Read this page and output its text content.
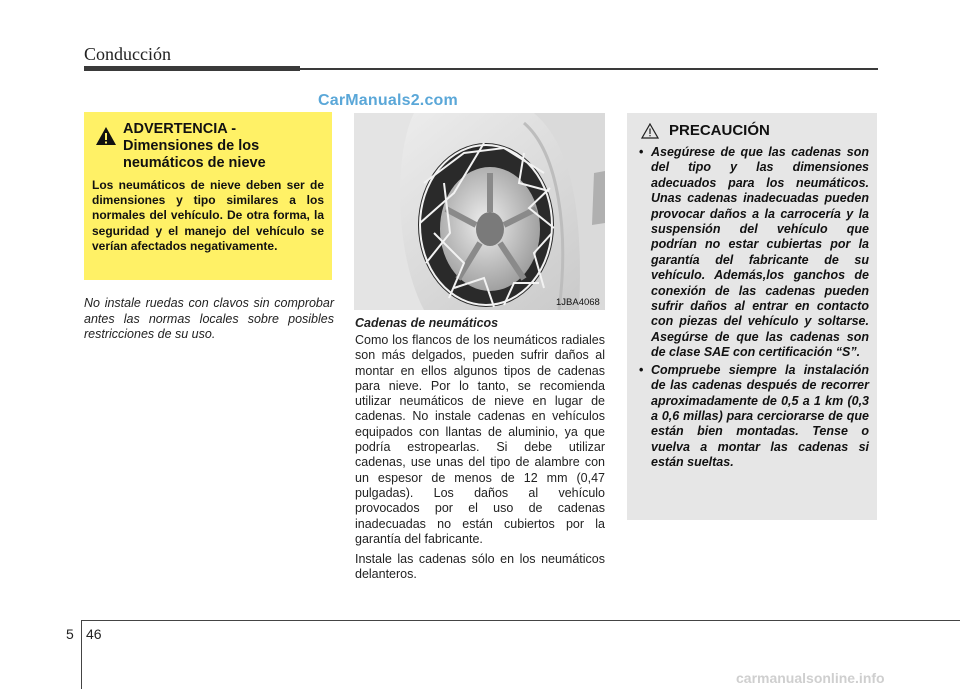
Conducción
CarManuals2.com
ADVERTENCIA -
Dimensiones de los
neumáticos de nieve
Los neumáticos de nieve deben ser de dimensiones y tipo similares a los normales del vehículo. De otra forma, la seguridad y el manejo del vehículo se verían afectados negativamente.
No instale ruedas con clavos sin comprobar antes las normas locales sobre posibles restricciones de su uso.
1JBA4068
Cadenas de neumáticos

Como los flancos de los neumáticos radiales son más delgados, pueden sufrir daños al montar en ellos algunos tipos de cadenas para nieve. Por lo tanto, se recomienda utilizar neumáticos de nieve en lugar de cadenas. No instale cadenas en vehículos equipados con llantas de aluminio, ya que podría estropearlas. Si debe utilizar cadenas, use unas del tipo de alambre con un espesor de menos de 12 mm (0,47 pulgadas). Los daños al vehículo provocados por el uso de cadenas inadecuadas no están cubiertos por la garantía del fabricante.

Instale las cadenas sólo en los neumáticos delanteros.

PRECAUCIÓN
• Asegúrese de que las cadenas son del tipo y las dimensiones adecuados para los neumáticos. Unas cadenas inadecuadas pueden provocar daños a la carrocería y la suspensión del vehículo que podrían no estar cubiertas por la garantía del fabricante de su vehículo. Además,los ganchos de conexión de las cadenas pueden sufrir daños al entrar en contacto con piezas del vehículo y soltarse. Asegúrse de que las cadenas son de clase SAE con certificación “S”.
• Compruebe siempre la instalación de las cadenas después de recorrer aproximadamente de 0,5 a 1 km (0,3 a 0,6 millas) para cerciorarse de que están bien montadas. Tense o vuelva a montar las cadenas si están sueltas.
5 46
carmanualsonline.info
